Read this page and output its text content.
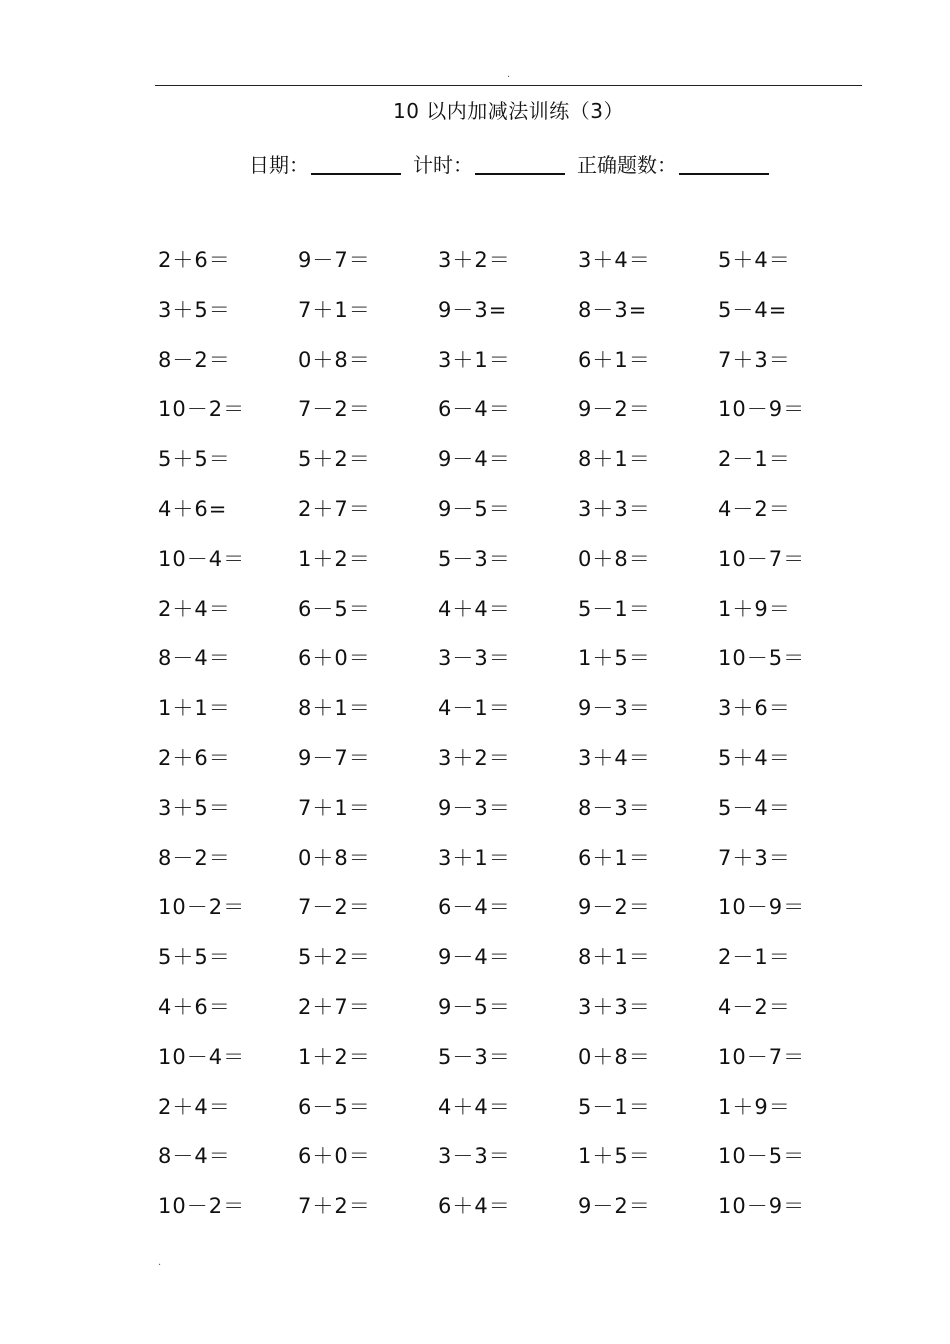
.
10 以内加减法训练（3）
日期：	计时：	正确题数：
2＋6＝	9－7＝	3＋2＝	3＋4＝	5＋4＝
3＋5＝	7＋1＝	9－3=	8－3=	5－4=
8－2＝	0＋8＝	3＋1＝	6＋1＝	7＋3＝
10－2＝	7－2＝	6－4＝	9－2＝	10－9＝
5＋5＝	5＋2＝	9－4＝	8＋1＝	2－1＝
4＋6=	2＋7＝	9－5＝	3＋3＝	4－2＝
10－4＝	1＋2＝	5－3＝	0＋8＝	10－7＝
2＋4＝	6－5＝	4＋4＝	5－1＝	1＋9＝
8－4＝	6＋0＝	3－3＝	1＋5＝	10－5＝
1＋1＝	8＋1＝	4－1＝	9－3＝	3＋6＝
2＋6＝	9－7＝	3＋2＝	3＋4＝	5＋4＝
3＋5＝	7＋1＝	9－3＝	8－3＝	5－4＝
8－2＝	0＋8＝	3＋1＝	6＋1＝	7＋3＝
10－2＝	7－2＝	6－4＝	9－2＝	10－9＝
5＋5＝	5＋2＝	9－4＝	8＋1＝	2－1＝
4＋6＝	2＋7＝	9－5＝	3＋3＝	4－2＝
10－4＝	1＋2＝	5－3＝	0＋8＝	10－7＝
2＋4＝	6－5＝	4＋4＝	5－1＝	1＋9＝
8－4＝	6＋0＝	3－3＝	1＋5＝	10－5＝
10－2＝	7＋2＝	6＋4＝	9－2＝	10－9＝
.
